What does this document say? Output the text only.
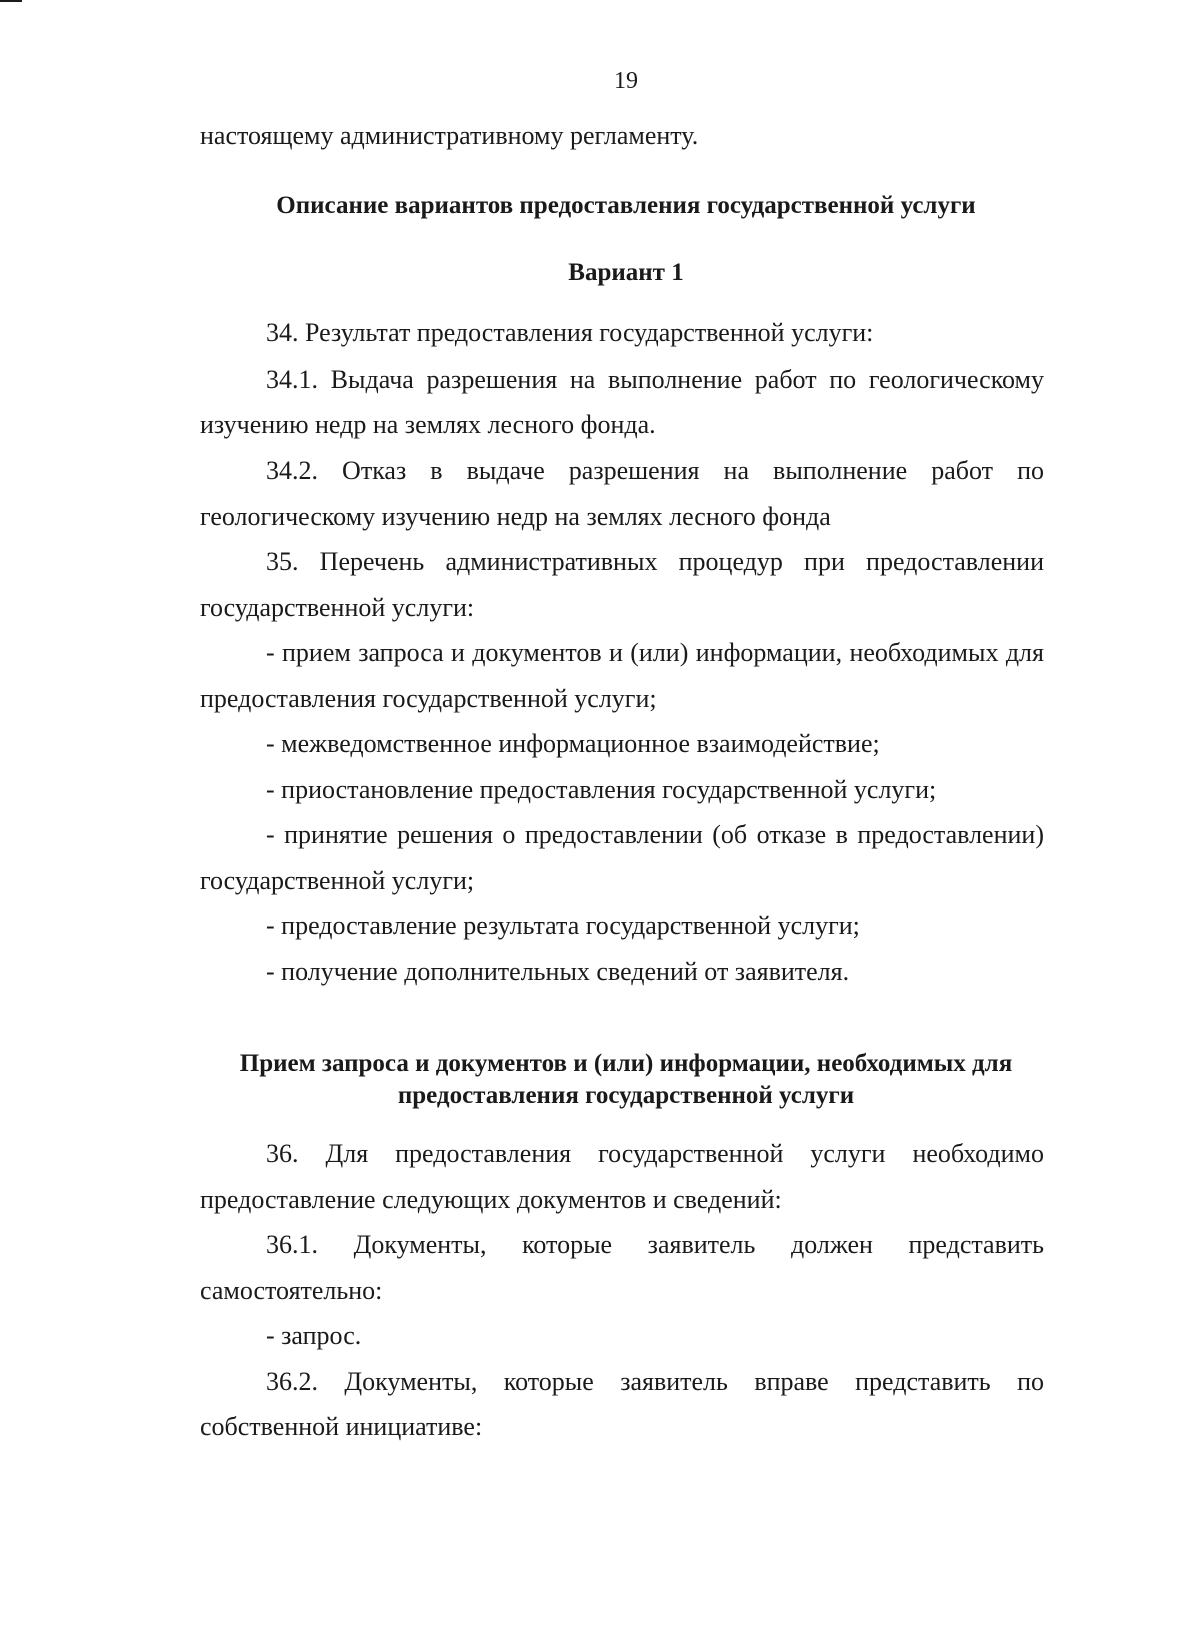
19
настоящему административному регламенту.
Описание вариантов предоставления государственной услуги
Вариант 1
34. Результат предоставления государственной услуги:
34.1. Выдача разрешения на выполнение работ по геологическому
изучению недр на землях лесного фонда.
34.2. Отказ в выдаче разрешения на выполнение работ по
геологическому изучению недр на землях лесного фонда
35. Перечень административных процедур при предоставлении
государственной услуги:
- прием запроса и документов и (или) информации, необходимых для
предоставления государственной услуги;
- межведомственное информационное взаимодействие;
- приостановление предоставления государственной услуги;
- принятие решения о предоставлении (об отказе в предоставлении)
государственной услуги;
- предоставление результата государственной услуги;
- получение дополнительных сведений от заявителя.
Прием запроса и документов и (или) информации, необходимых для
предоставления государственной услуги
36. Для предоставления государственной услуги необходимо
предоставление следующих документов и сведений:
36.1. Документы, которые заявитель должен представить
самостоятельно:
- запрос.
36.2. Документы, которые заявитель вправе представить по
собственной инициативе:
